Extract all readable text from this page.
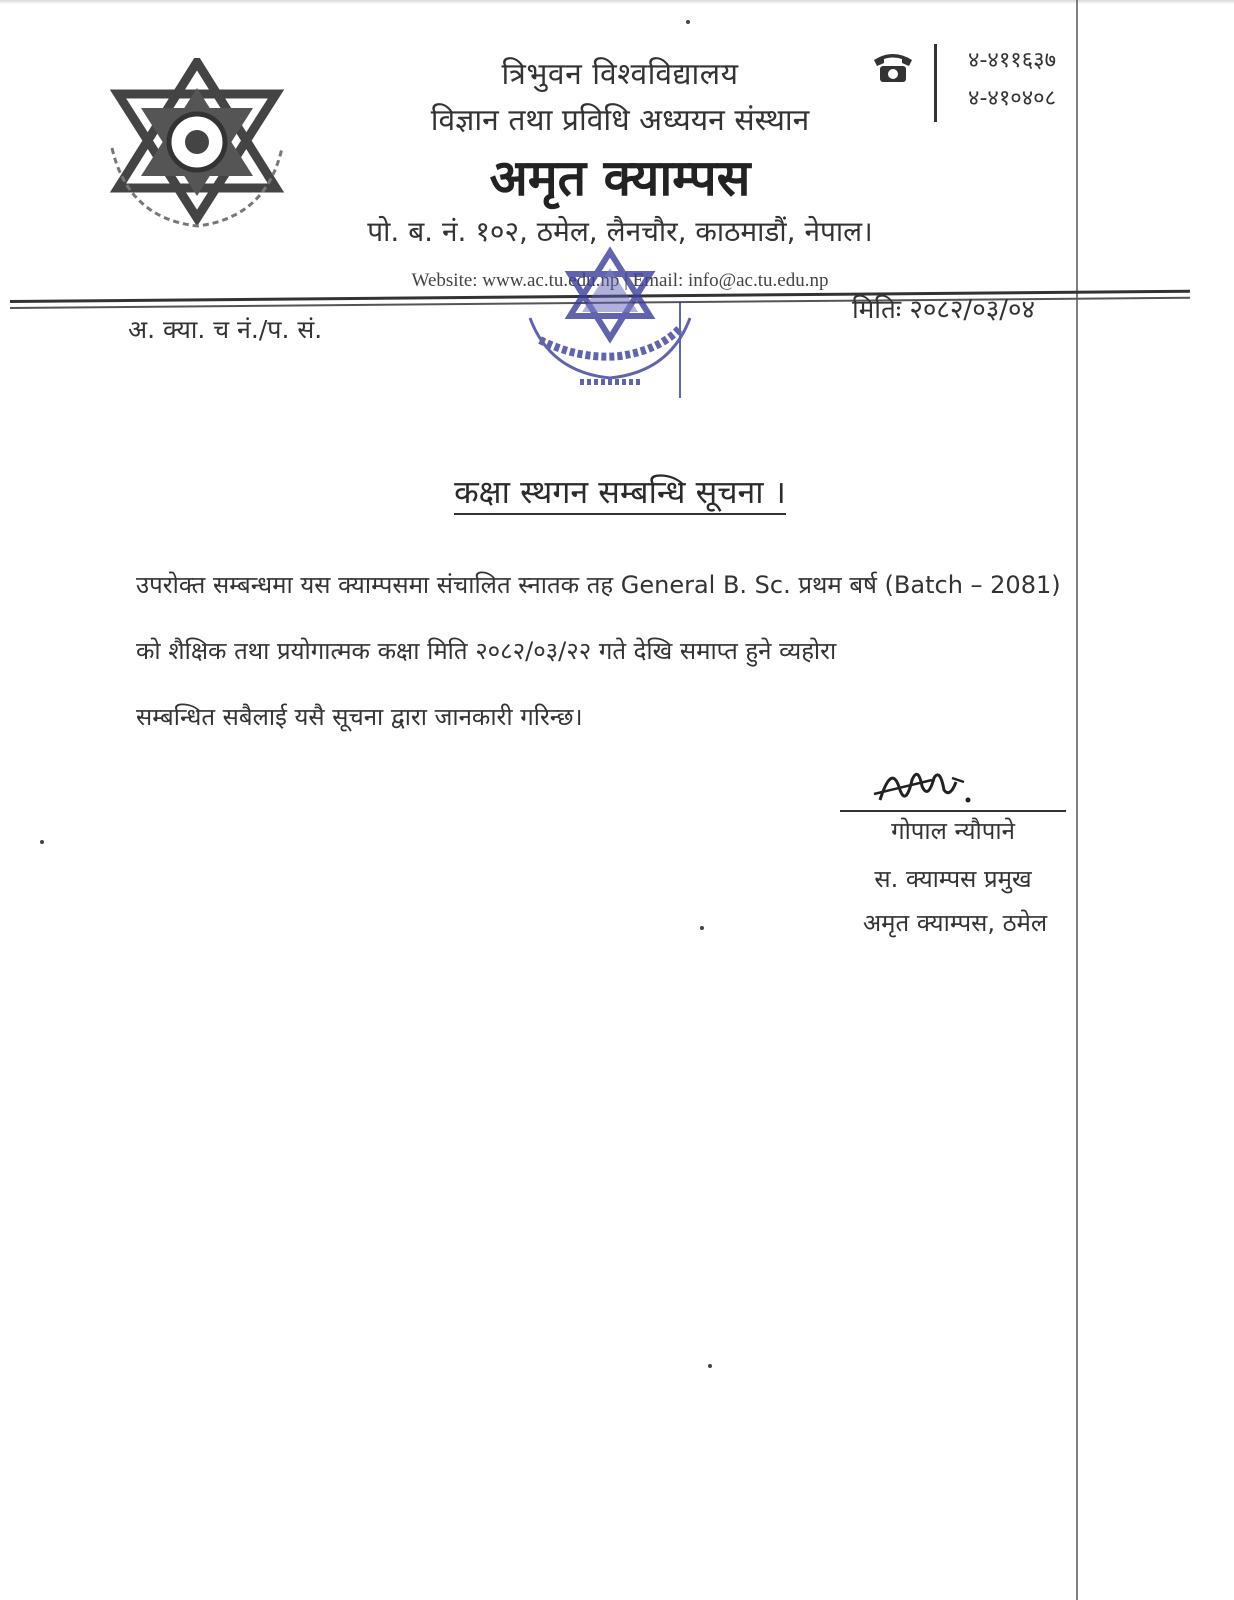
त्रिभुवन विश्वविद्यालय
विज्ञान तथा प्रविधि अध्ययन संस्थान
अमृत क्याम्पस
पो. ब. नं. १०२, ठमेल, लैनचौर, काठमाडौं, नेपाल।
Website: www.ac.tu.edu.np | Email: info@ac.tu.edu.np
४-४११६३७
४-४१०४०८
अ. क्या. च नं./प. सं.
मितिः २०८२/०३/०४
कक्षा स्थगन सम्बन्धि सूचना ।
उपरोक्त सम्बन्धमा यस क्याम्पसमा संचालित स्नातक तह General B. Sc. प्रथम बर्ष (Batch – 2081)
को शैक्षिक तथा प्रयोगात्मक कक्षा मिति २०८२/०३/२२ गते देखि समाप्त हुने व्यहोरा
सम्बन्धित सबैलाई यसै सूचना द्वारा जानकारी गरिन्छ।
गोपाल न्यौपाने
स. क्याम्पस प्रमुख
अमृत क्याम्पस, ठमेल
